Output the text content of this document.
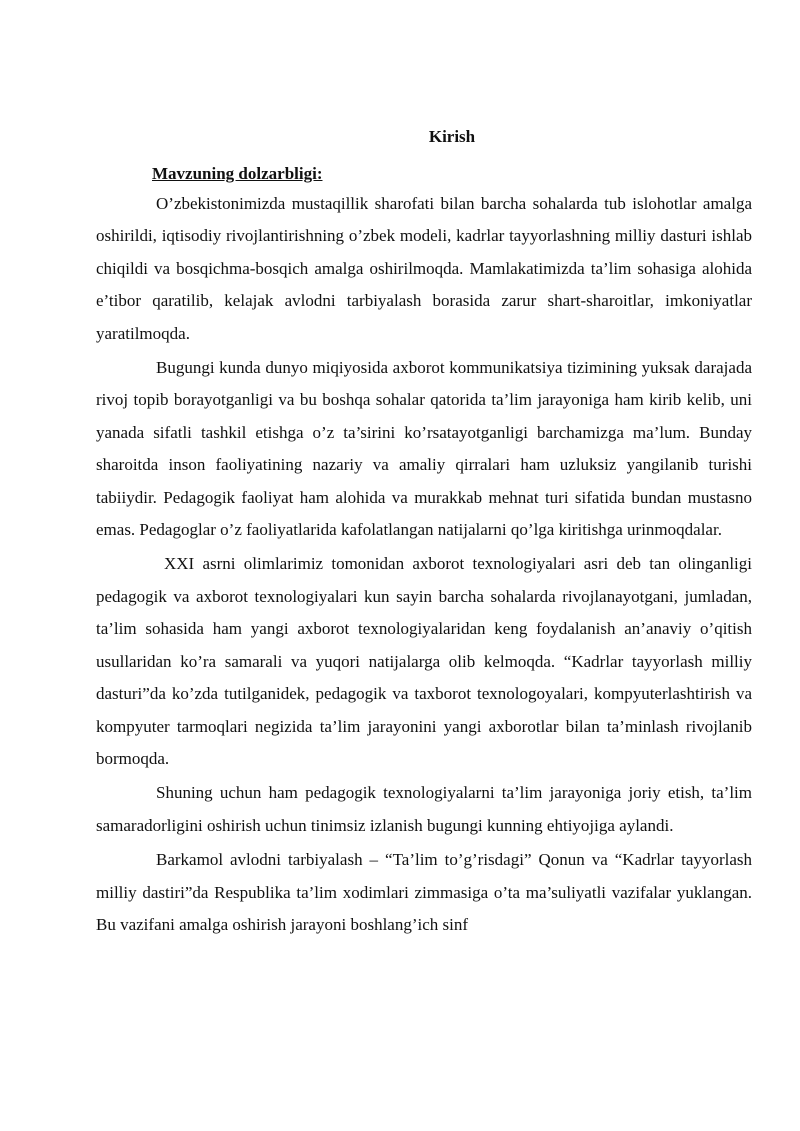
Kirish
Mavzuning dolzarbligi:

O’zbekistonimizda mustaqillik sharofati bilan barcha sohalarda tub islohotlar amalga oshirildi, iqtisodiy rivojlantirishning o’zbek modeli, kadrlar tayyorlashning milliy dasturi ishlab chiqildi va bosqichma-bosqich amalga oshirilmoqda. Mamlakatimizda ta’lim sohasiga alohida e’tibor qaratilib, kelajak avlodni tarbiyalash borasida zarur shart-sharoitlar, imkoniyatlar yaratilmoqda.

Bugungi kunda dunyo miqiyosida axborot kommunikatsiya tizimining yuksak darajada rivoj topib borayotganligi va bu boshqa sohalar qatorida ta’lim jarayoniga ham kirib kelib, uni yanada sifatli tashkil etishga o’z ta’sirini ko’rsatayotganligi barchamizga ma’lum. Bunday sharoitda inson faoliyatining nazariy va amaliy qirralari ham uzluksiz yangilanib turishi tabiiydir. Pedagogik faoliyat ham alohida va murakkab mehnat turi sifatida bundan mustasno emas. Pedagoglar o’z faoliyatlarida kafolatlangan natijalarni qo’lga kiritishga urinmoqdalar.

XXI asrni olimlarimiz tomonidan axborot texnologiyalari asri deb tan olinganligi pedagogik va axborot texnologiyalari kun sayin barcha sohalarda rivojlanayotgani, jumladan, ta’lim sohasida ham yangi axborot texnologiyalaridan keng foydalanish an’anaviy o’qitish usullaridan ko’ra samarali va yuqori natijalarga olib kelmoqda. “Kadrlar tayyorlash milliy dasturi”da ko’zda tutilganidek, pedagogik va taxborot texnologoyalari, kompyuterlashtirish va kompyuter tarmoqlari negizida ta’lim jarayonini yangi axborotlar bilan ta’minlash rivojlanib bormoqda.

Shuning uchun ham pedagogik texnologiyalarni ta’lim jarayoniga joriy etish, ta’lim samaradorligini oshirish uchun tinimsiz izlanish bugungi kunning ehtiyojiga aylandi.

Barkamol avlodni tarbiyalash – “Ta’lim to’g’risdagi” Qonun va “Kadrlar tayyorlash milliy dastiri”da Respublika ta’lim xodimlari zimmasiga o’ta ma’suliyatli vazifalar yuklangan. Bu vazifani amalga oshirish jarayoni boshlang’ich sinf
